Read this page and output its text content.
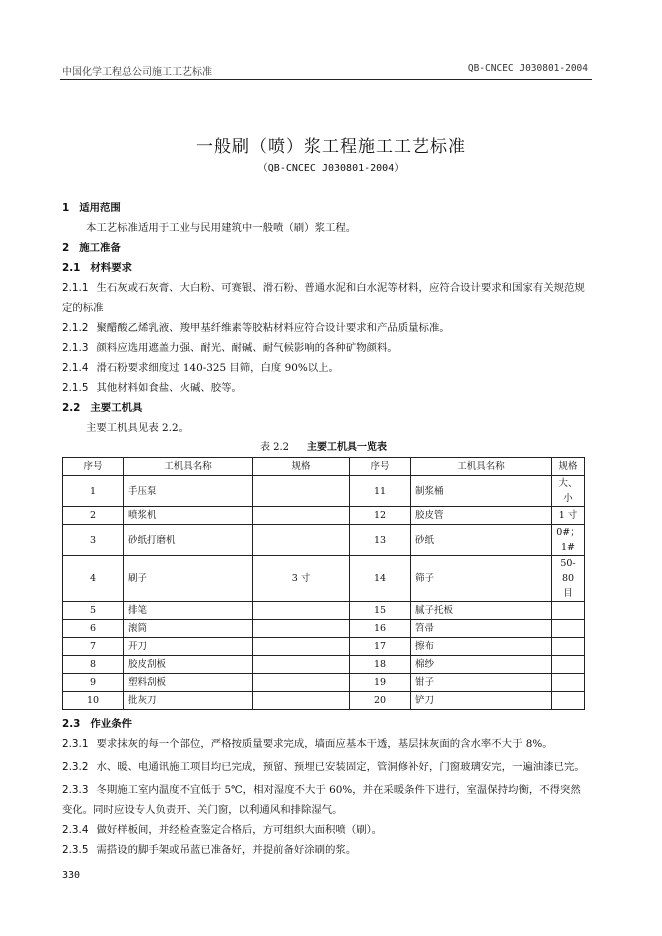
中国化学工程总公司施工工艺标准	QB-CNCEC J030801-2004
一般刷（喷）浆工程施工工艺标准
（QB-CNCEC J030801-2004）
1 适用范围
本工艺标准适用于工业与民用建筑中一般喷（刷）浆工程。
2 施工准备
2.1 材料要求
2.1.1 生石灰或石灰膏、大白粉、可赛银、滑石粉、普通水泥和白水泥等材料，应符合设计要求和国家有关规范规定的标准
2.1.2 聚醋酸乙烯乳液、羧甲基纤维素等胶粘材料应符合设计要求和产品质量标准。
2.1.3 颜料应选用遮盖力强、耐光、耐碱、耐气候影响的各种矿物颜料。
2.1.4 滑石粉要求细度过 140-325 目筛，白度 90%以上。
2.1.5 其他材料如食盐、火碱、胶等。
2.2 主要工机具
主要工机具见表 2.2。
表 2.2 主要工机具一览表
序号	工机具名称	规格	序号	工机具名称	规格
1	手压泵		11	制浆桶	大、小
2	喷浆机		12	胶皮管	1 寸
3	砂纸打磨机		13	砂纸	0#；1#
4	刷子	3 寸	14	筛子	50-80 目
5	排笔		15	腻子托板	
6	滚筒		16	笤帚	
7	开刀		17	擦布	
8	胶皮刮板		18	棉纱	
9	塑料刮板		19	钳子	
10	批灰刀		20	铲刀	
2.3 作业条件
2.3.1 要求抹灰的每一个部位，严格按质量要求完成，墙面应基本干透，基层抹灰面的含水率不大于 8%。
2.3.2 水、暖、电通讯施工项目均已完成，预留、预埋已安装固定，管洞修补好，门窗玻璃安完，一遍油漆已完。
2.3.3 冬期施工室内温度不宜低于 5℃，相对湿度不大于 60%，并在采暖条件下进行，室温保持均衡，不得突然变化。同时应设专人负责开、关门窗，以利通风和排除湿气。
2.3.4 做好样板间，并经检查鉴定合格后，方可组织大面积喷（刷）。
2.3.5 需搭设的脚手架或吊蓝已准备好，并提前备好涂刷的浆。
330
